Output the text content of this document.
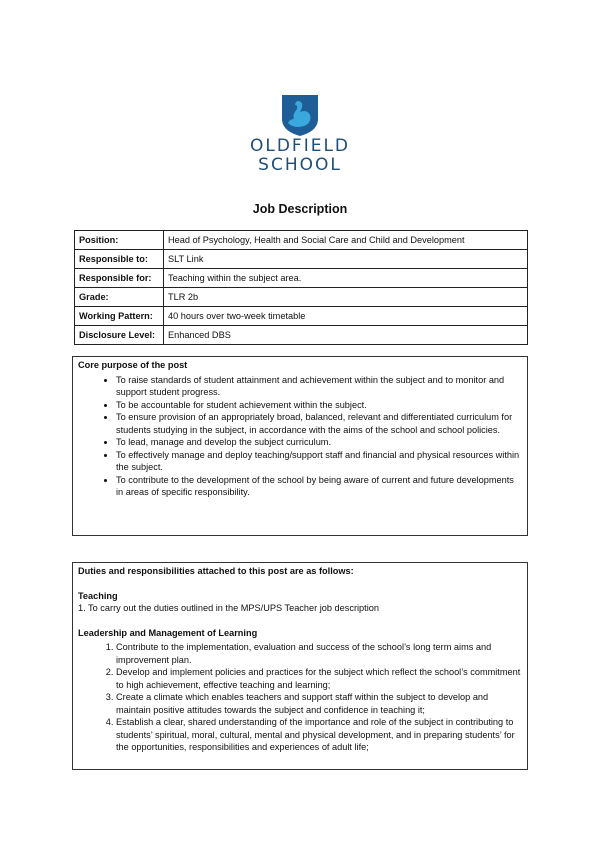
OLDFIELD
SCHOOL
Job Description
Position:	Head of Psychology, Health and Social Care and Child and Development
Responsible to:	SLT Link
Responsible for:	Teaching within the subject area.
Grade:	TLR 2b
Working Pattern:	40 hours over two-week timetable
Disclosure Level:	Enhanced DBS
Core purpose of the post
• To raise standards of student attainment and achievement within the subject and to monitor and support student progress.
• To be accountable for student achievement within the subject.
• To ensure provision of an appropriately broad, balanced, relevant and differentiated curriculum for students studying in the subject, in accordance with the aims of the school and school policies.
• To lead, manage and develop the subject curriculum.
• To effectively manage and deploy teaching/support staff and financial and physical resources within the subject.
• To contribute to the development of the school by being aware of current and future developments in areas of specific responsibility.
Duties and responsibilities attached to this post are as follows:
Teaching
1. To carry out the duties outlined in the MPS/UPS Teacher job description
Leadership and Management of Learning
1. Contribute to the implementation, evaluation and success of the school’s long term aims and improvement plan.
2. Develop and implement policies and practices for the subject which reflect the school’s commitment to high achievement, effective teaching and learning;
3. Create a climate which enables teachers and support staff within the subject to develop and maintain positive attitudes towards the subject and confidence in teaching it;
4. Establish a clear, shared understanding of the importance and role of the subject in contributing to students’ spiritual, moral, cultural, mental and physical development, and in preparing students’ for the opportunities, responsibilities and experiences of adult life;
